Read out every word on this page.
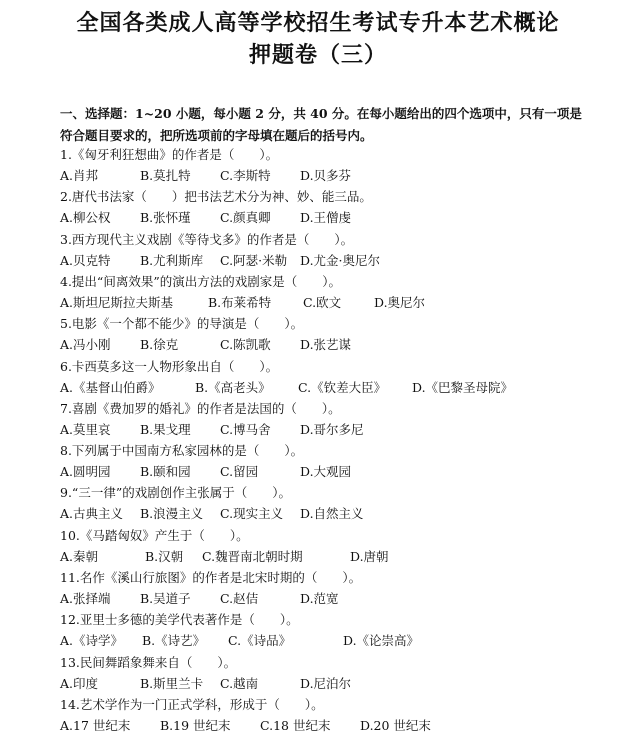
全国各类成人高等学校招生考试专升本艺术概论
押题卷（三）
一、选择题：1~20 小题，每小题 2 分，共 40 分。在每小题给出的四个选项中，只有一项是
符合题目要求的，把所选项前的字母填在题后的括号内。
1.《匈牙利狂想曲》的作者是（　　）。
A.肖邦	B.莫扎特 C.李斯特 D.贝多芬
2.唐代书法家（　　）把书法艺术分为神、妙、能三品。
A.柳公权 B.张怀瑾 C.颜真卿 D.王僧虔
3.西方现代主义戏剧《等待戈多》的作者是（　　）。
A.贝克特 B.尤利斯库 C.阿瑟·米勒 D.尤金·奥尼尔
4.提出“间离效果”的演出方法的戏剧家是（　　）。
A.斯坦尼斯拉夫斯基	B.布莱希特	C.欧文	D.奥尼尔
5.电影《一个都不能少》的导演是（　　）。
A.冯小刚 B.徐克	C.陈凯歌 D.张艺谋
6.卡西莫多这一人物形象出自（　　）。
A.《基督山伯爵》	B.《高老头》 C.《钦差大臣》 D.《巴黎圣母院》
7.喜剧《费加罗的婚礼》的作者是法国的（　　）。
A.莫里哀 B.果戈理 C.博马舍 D.哥尔多尼
8.下列属于中国南方私家园林的是（　　）。
A.圆明园 B.颐和园 C.留园	D.大观园
9.“三一律”的戏剧创作主张属于（　　）。
A.古典主义 B.浪漫主义 C.现实主义 D.自然主义
10.《马踏匈奴》产生于（　　）。
A.秦朝	B.汉朝 C.魏晋南北朝时期	D.唐朝
11.名作《溪山行旅图》的作者是北宋时期的（　　）。
A.张择端 B.吴道子 C.赵佶	D.范宽
12.亚里士多德的美学代表著作是（　　）。
A.《诗学》 B.《诗艺》 C.《诗品》	D.《论崇高》
13.民间舞蹈象舞来自（　　）。
A.印度	B.斯里兰卡 C.越南	D.尼泊尔
14.艺术学作为一门正式学科，形成于（　　）。
A.17 世纪末 B.19 世纪末 C.18 世纪末 D.20 世纪末
